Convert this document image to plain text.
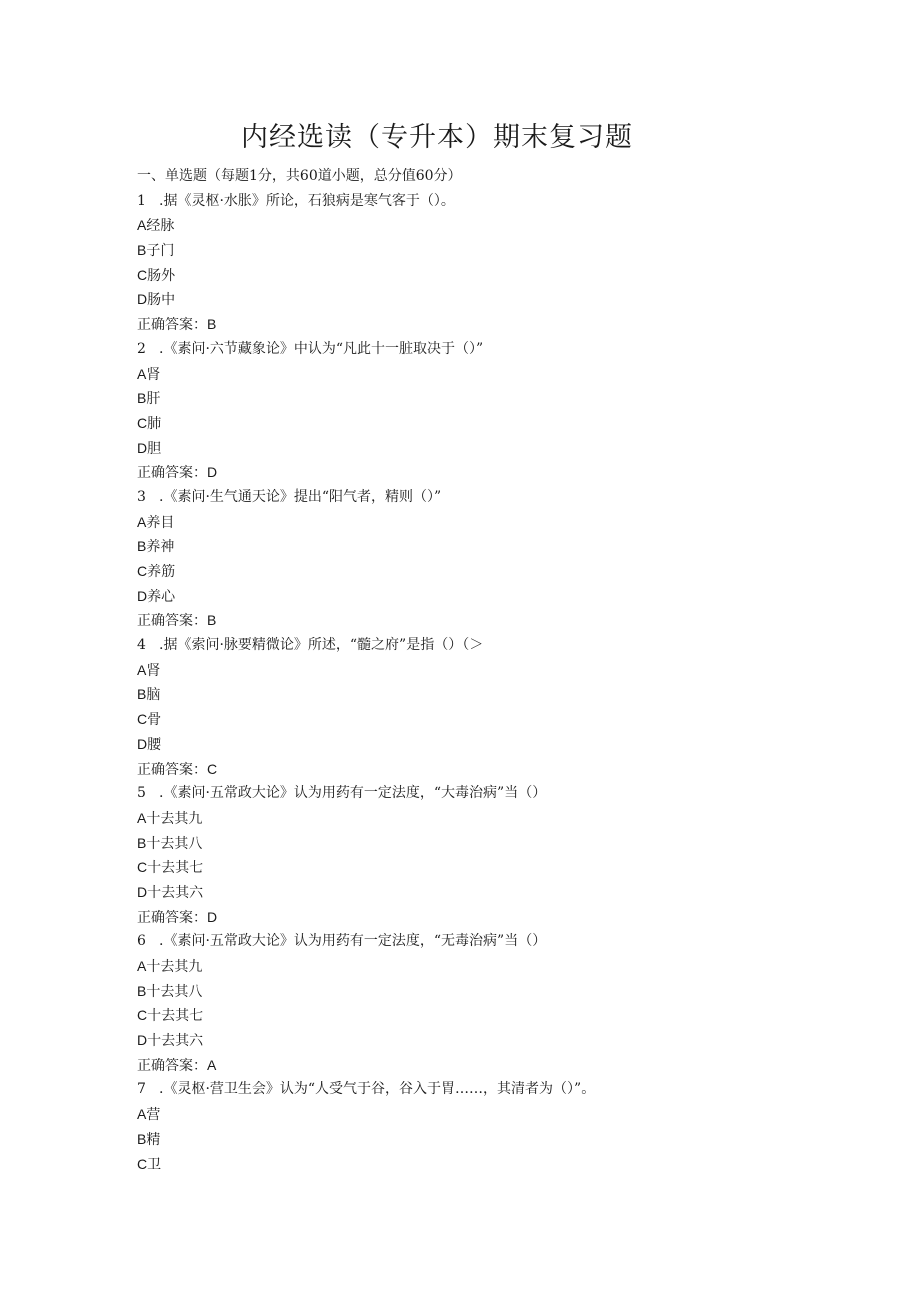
内经选读（专升本）期末复习题
一、单选题（每题1分，共60道小题，总分值60分）
1 .据《灵枢·水胀》所论，石狼病是寒气客于（）。
A经脉
B子门
C肠外
D肠中
正确答案：B
2 .《素问·六节藏象论》中认为“凡此十一脏取决于（）”
A肾
B肝
C肺
D胆
正确答案：D
3 .《素问·生气通天论》提出“阳气者，精则（）”
A养目
B养神
C养筋
D养心
正确答案：B
4 .据《索问·脉要精微论》所述，“髓之府”是指（）（＞
A肾
B脑
C骨
D腰
正确答案：C
5 .《素问·五常政大论》认为用药有一定法度，“大毒治病”当（）
A十去其九
B十去其八
C十去其七
D十去其六
正确答案：D
6 .《素问·五常政大论》认为用药有一定法度，“无毒治病”当（）
A十去其九
B十去其八
C十去其七
D十去其六
正确答案：A
7 .《灵枢·营卫生会》认为“人受气于谷，谷入于胃……，其清者为（）”。
A营
B精
C卫
